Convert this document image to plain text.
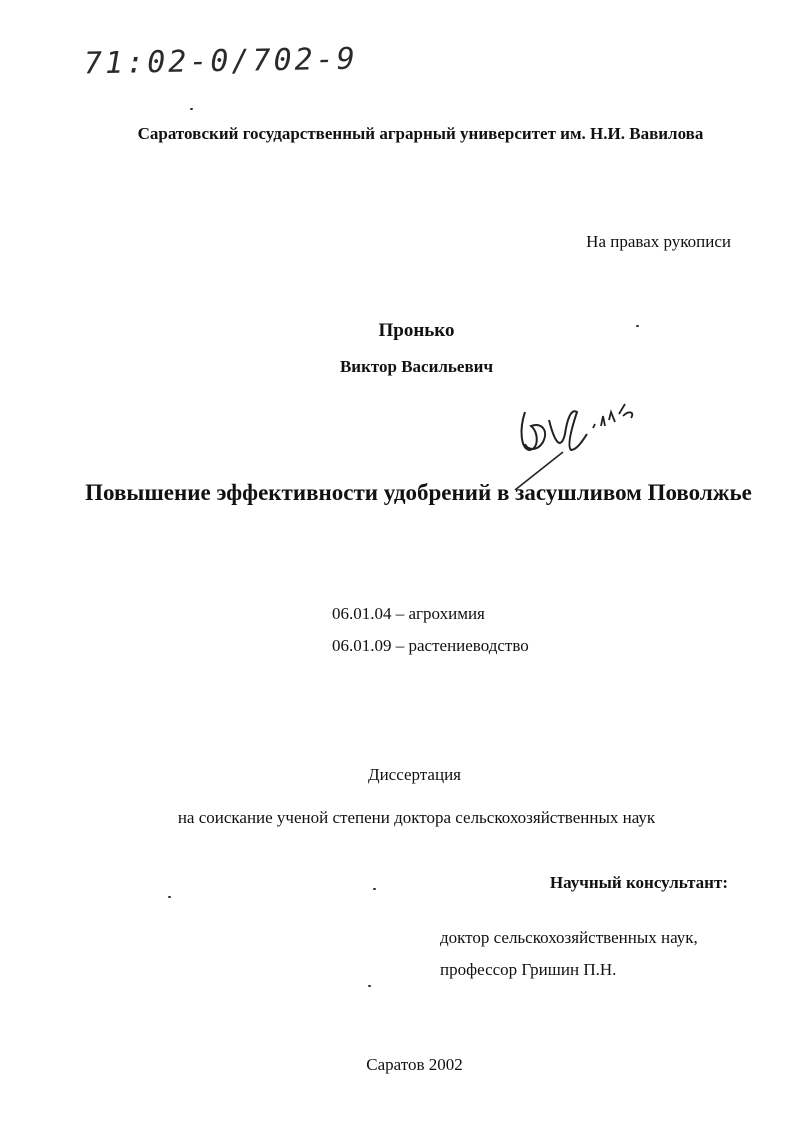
71:02-0/702-9

Саратовский государственный аграрный университет им. Н.И. Вавилова

На правах рукописи

Пронько

Виктор Васильевич

Повышение эффективности удобрений в засушливом Поволжье

06.01.04 – агрохимия

06.01.09 – растениеводство

Диссертация

на соискание ученой степени доктора сельскохозяйственных наук

Научный консультант:

доктор сельскохозяйственных наук,

профессор Гришин П.Н.

Саратов 2002
